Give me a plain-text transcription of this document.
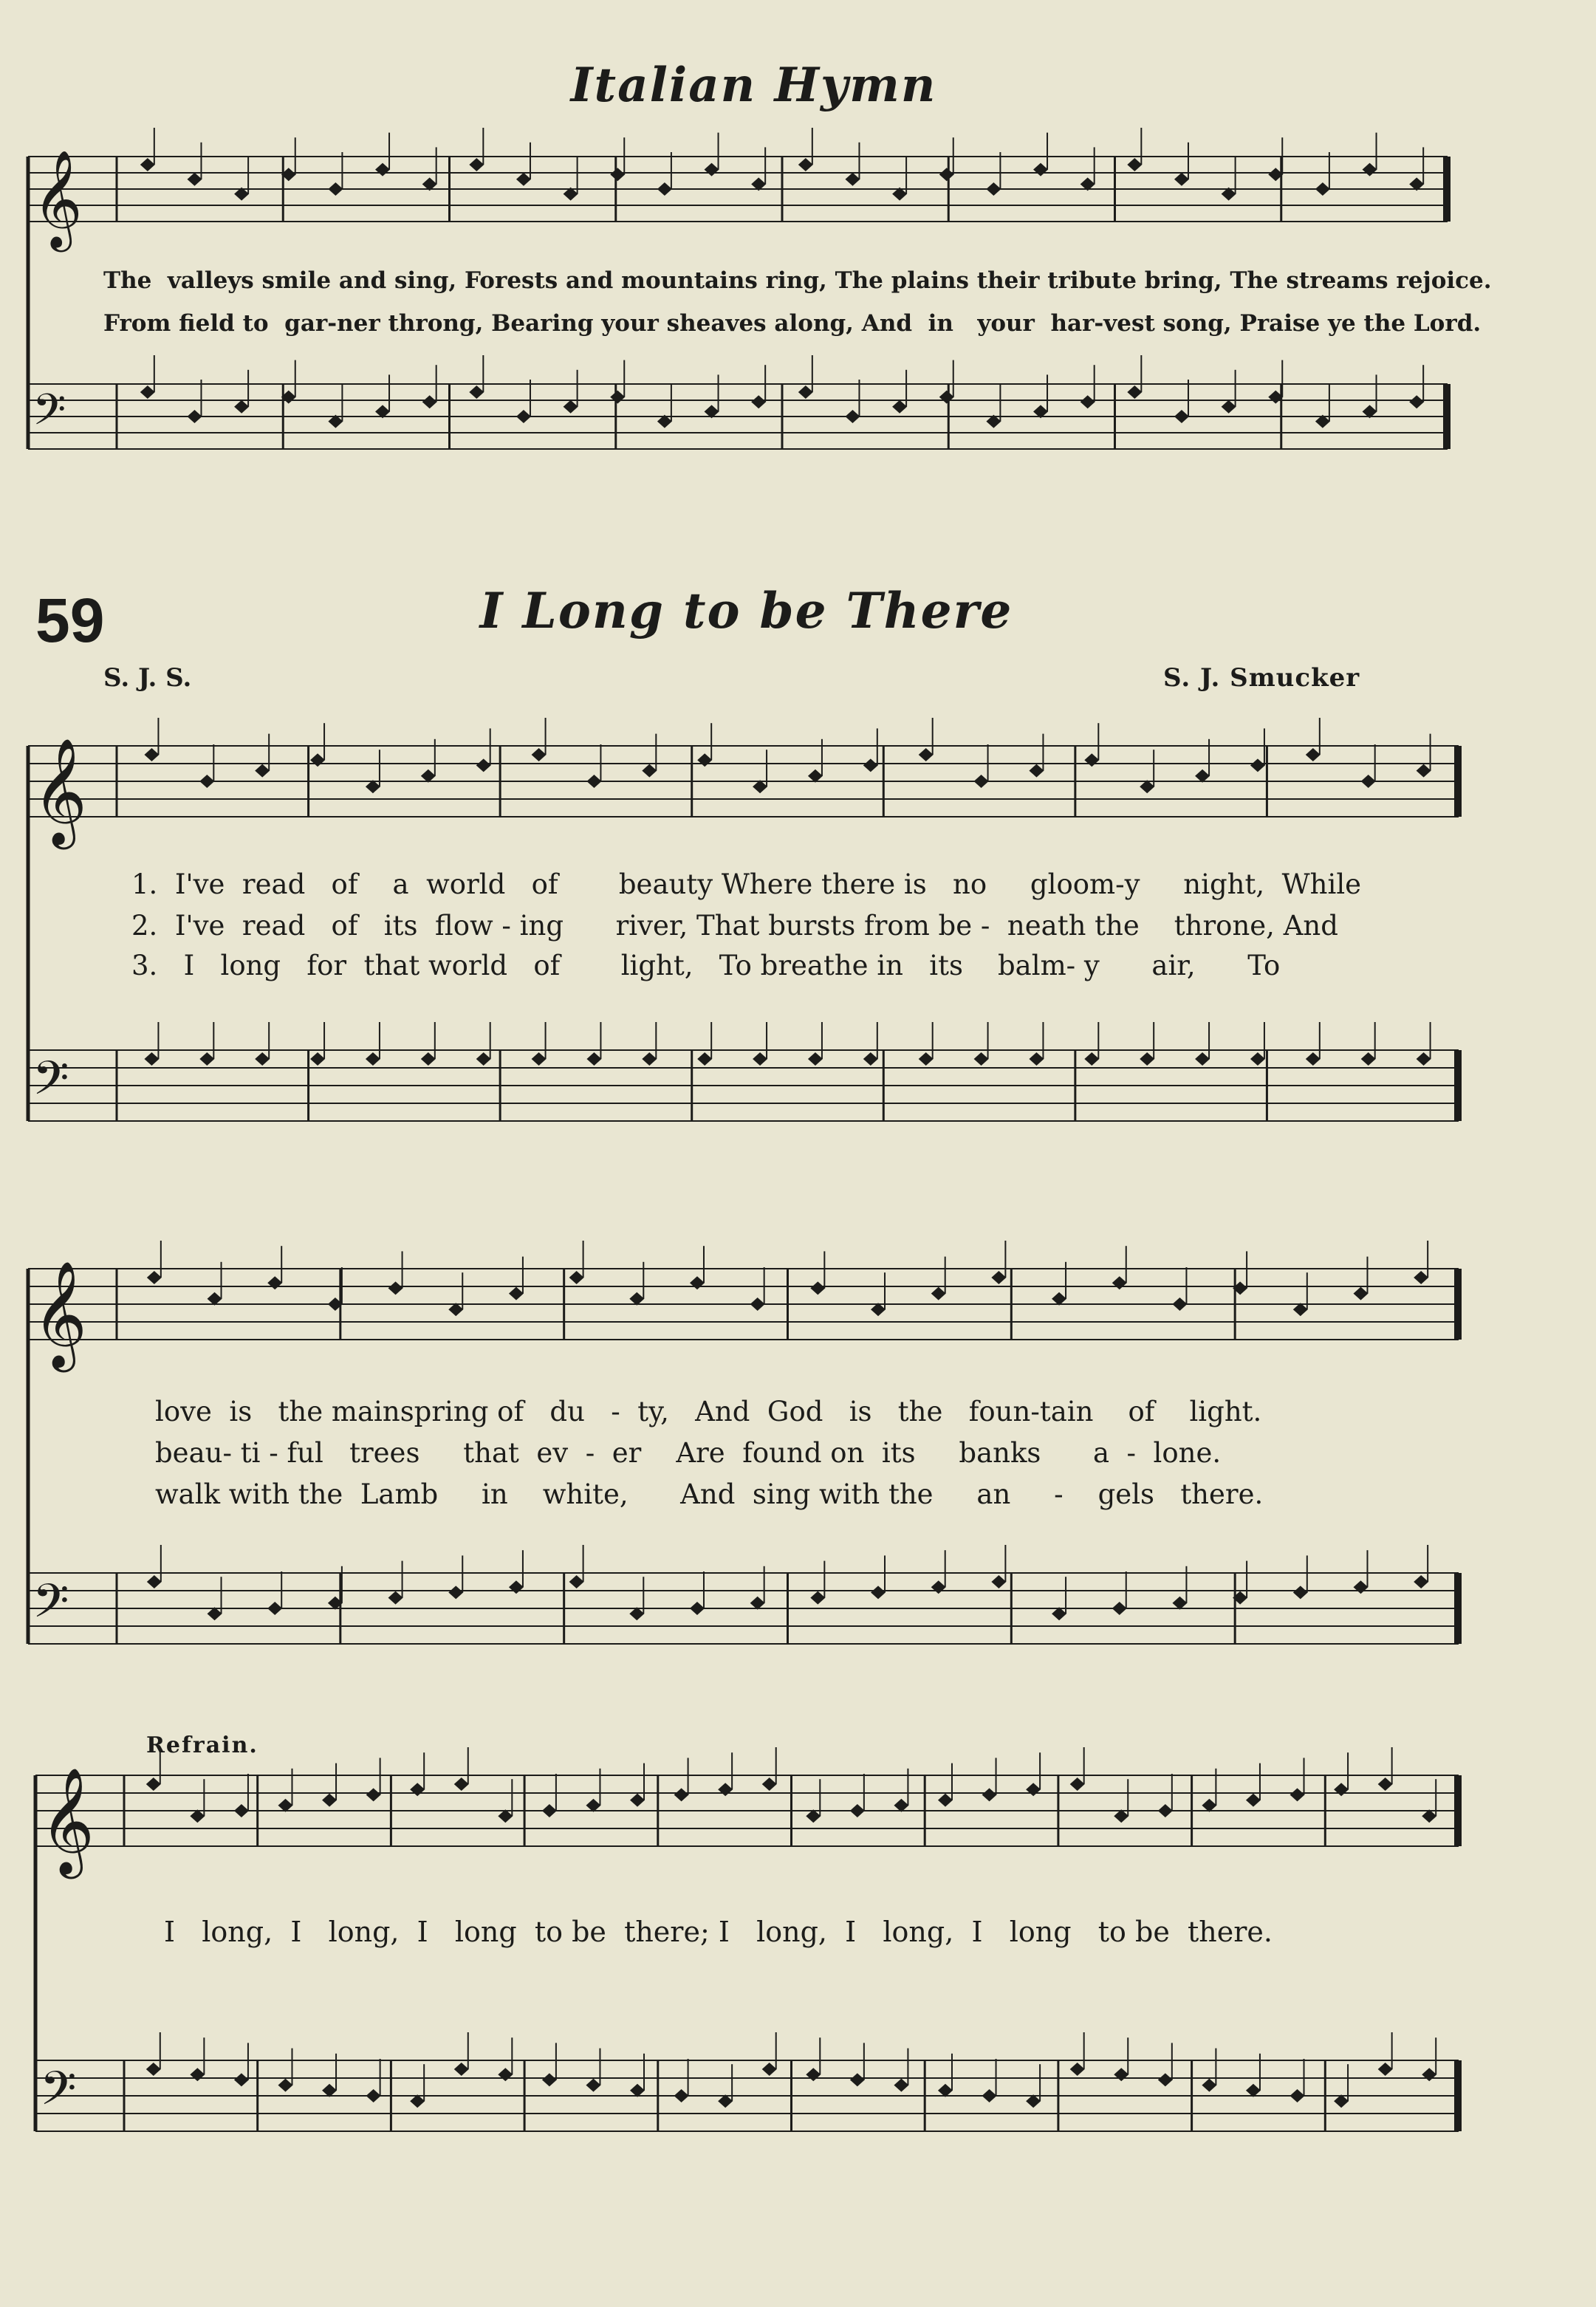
Italian Hymn
𝄞
𝄢
𝄞
𝄢
𝄞
𝄢
𝄞
𝄢
The  valleys smile and sing, Forests and mountains ring, The plains their tribute bring, The streams rejoice.
From field to  gar-ner throng, Bearing your sheaves along, And  in   your  har-vest song, Praise ye the Lord.
59	I Long to be There
S. J. S.	S. J. Smucker
1.  I've  read   of    a  world   of       beauty Where there is   no     gloom-y     night,  While
2.  I've  read   of   its  flow - ing      river, That bursts from be -  neath the    throne, And
3.   I   long   for  that world   of       light,   To breathe in   its    balm- y      air,      To
love  is   the mainspring of   du   -  ty,   And  God   is   the   foun-tain    of    light.
beau- ti - ful   trees     that  ev  -  er    Are  found on  its     banks      a  -  lone.
walk with the  Lamb     in    white,      And  sing with the     an     -    gels   there.
Refrain.
I   long,  I   long,  I   long  to be  there; I   long,  I   long,  I   long   to be  there.
